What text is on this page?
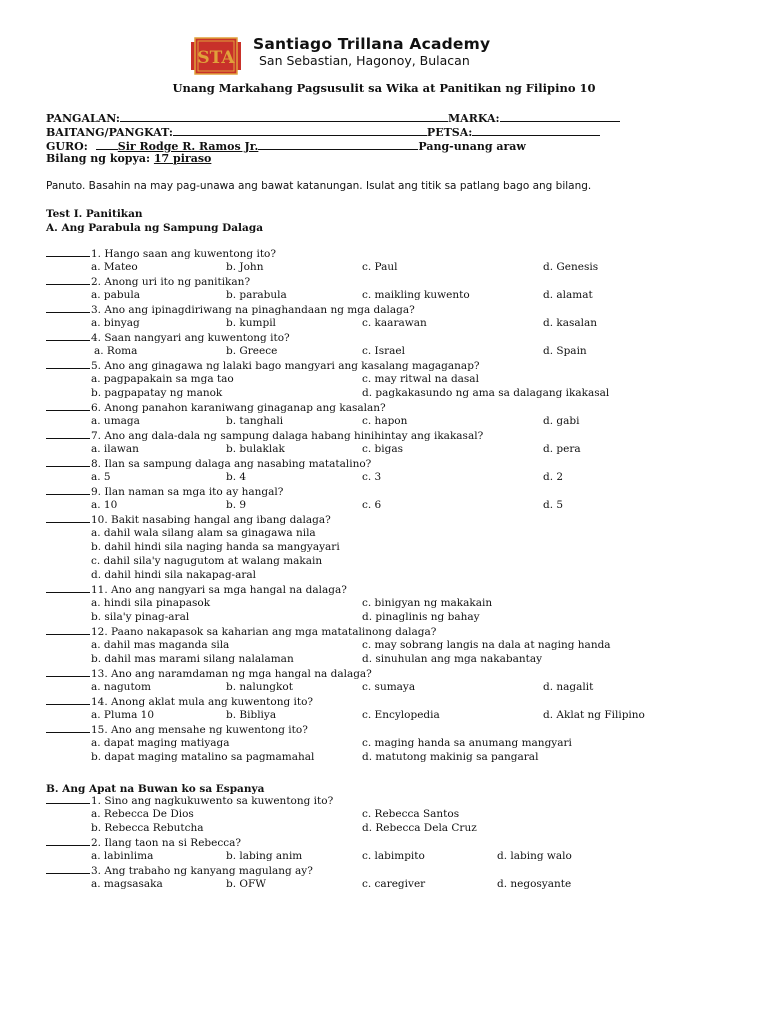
STA
Santiago Trillana Academy
San Sebastian, Hagonoy, Bulacan
Unang Markahang Pagsusulit sa Wika at Panitikan ng Filipino 10
PANGALAN:	MARKA:
BAITANG/PANGKAT:	PETSA:
GURO:	Sir Rodge R. Ramos Jr.	Pang-unang araw
Bilang ng kopya: 17 piraso
Panuto. Basahin na may pag-unawa ang bawat katanungan. Isulat ang titik sa patlang bago ang bilang.
Test I. Panitikan
A. Ang Parabula ng Sampung Dalaga
1. Hango saan ang kuwentong ito?
a. Mateo	b. John	c. Paul	d. Genesis
2. Anong uri ito ng panitikan?
a. pabula	b. parabula	c. maikling kuwento	d. alamat
3. Ano ang ipinagdiriwang na pinaghandaan ng mga dalaga?
a. binyag	b. kumpil	c. kaarawan	d. kasalan
4. Saan nangyari ang kuwentong ito?
a. Roma	b. Greece	c. Israel	d. Spain
5. Ano ang ginagawa ng lalaki bago mangyari ang kasalang magaganap?
a. pagpapakain sa mga tao	c. may ritwal na dasal
b. pagpapatay ng manok	d. pagkakasundo ng ama sa dalagang ikakasal
6. Anong panahon karaniwang ginaganap ang kasalan?
a. umaga	b. tanghali	c. hapon	d. gabi
7. Ano ang dala-dala ng sampung dalaga habang hinihintay ang ikakasal?
a. ilawan	b. bulaklak	c. bigas	d. pera
8. Ilan sa sampung dalaga ang nasabing matatalino?
a. 5	b. 4	c. 3	d. 2
9. Ilan naman sa mga ito ay hangal?
a. 10	b. 9	c. 6	d. 5
10. Bakit nasabing hangal ang ibang dalaga?
a. dahil wala silang alam sa ginagawa nila
b. dahil hindi sila naging handa sa mangyayari
c. dahil sila'y nagugutom at walang makain
d. dahil hindi sila nakapag-aral
11. Ano ang nangyari sa mga hangal na dalaga?
a. hindi sila pinapasok	c. binigyan ng makakain
b. sila'y pinag-aral	d. pinaglinis ng bahay
12. Paano nakapasok sa kaharian ang mga matatalinong dalaga?
a. dahil mas maganda sila	c. may sobrang langis na dala at naging handa
b. dahil mas marami silang nalalaman	d. sinuhulan ang mga nakabantay
13. Ano ang naramdaman ng mga hangal na dalaga?
a. nagutom	b. nalungkot	c. sumaya	d. nagalit
14. Anong aklat mula ang kuwentong ito?
a. Pluma 10	b. Bibliya	c. Encylopedia	d. Aklat ng Filipino
15. Ano ang mensahe ng kuwentong ito?
a. dapat maging matiyaga	c. maging handa sa anumang mangyari
b. dapat maging matalino sa pagmamahal	d. matutong makinig sa pangaral
B. Ang Apat na Buwan ko sa Espanya
1. Sino ang nagkukuwento sa kuwentong ito?
a. Rebecca De Dios	c. Rebecca Santos
b. Rebecca Rebutcha	d. Rebecca Dela Cruz
2. Ilang taon na si Rebecca?
a. labinlima	b. labing anim	c. labimpito	d. labing walo
3. Ang trabaho ng kanyang magulang ay?
a. magsasaka	b. OFW	c. caregiver	d. negosyante
